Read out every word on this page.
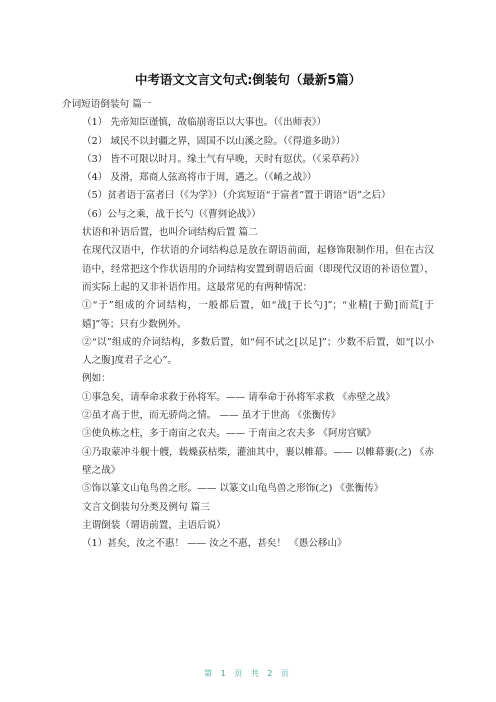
中考语文文言文句式:倒装句（最新5篇）
介词短语倒装句 篇一
（1） 先帝知臣谨慎，故临崩寄臣以大事也。（《出师表》）
（2） 域民不以封疆之界，固国不以山溪之险。（《得道多助》）
（3） 皆不可限以时月。缘土气有早晚，天时有愆伏。（《采草药》）
（4） 及滑，郑商人弦高将市于周，遇之。（《崤之战》）
（5）贫者语于富者曰（《为学》）（介宾短语“于富者”置于谓语“语”之后）
（6）公与之乘，战于长勺（《曹刿论战》）
状语和补语后置，也叫介词结构后置 篇二
在现代汉语中，作状语的介词结构总是放在谓语前面，起修饰限制作用，但在古汉语中，经常把这个作状语用的介词结构安置到谓语后面（即现代汉语的补语位置），而实际上起的又非补语作用。这最常见的有两种情况：
①“于”组成的介词结构，一般都后置，如“战[于长勺]”；“业精[于勤]而荒[于嬉]”等；只有少数例外。
②“以”组成的介词结构，多数后置，如“何不试之[以足]”；少数不后置，如“[以小人之腹]度君子之心”。
例如：
①事急矣，请奉命求救于孙将军。—— 请奉命于孙将军求救 《赤壁之战》
②虽才高于世，而无骄尚之情。 —— 虽才于世高 《张衡传》
③使负栋之柱，多于南亩之农夫。—— 于南亩之农夫多 《阿房宫赋》
④乃取蒙冲斗舰十艘，载燥荻枯柴，灌油其中，裹以帷幕。—— 以帷幕裹(之) 《赤壁之战》
⑤饰以篆文山龟鸟兽之形。—— 以篆文山龟鸟兽之形饰(之) 《张衡传》
文言文倒装句分类及例句 篇三
主谓倒装（谓语前置，主语后说）
（1）甚矣，汝之不惠！ —— 汝之不惠，甚矣！ 《愚公移山》
第 1 页 共 2 页
